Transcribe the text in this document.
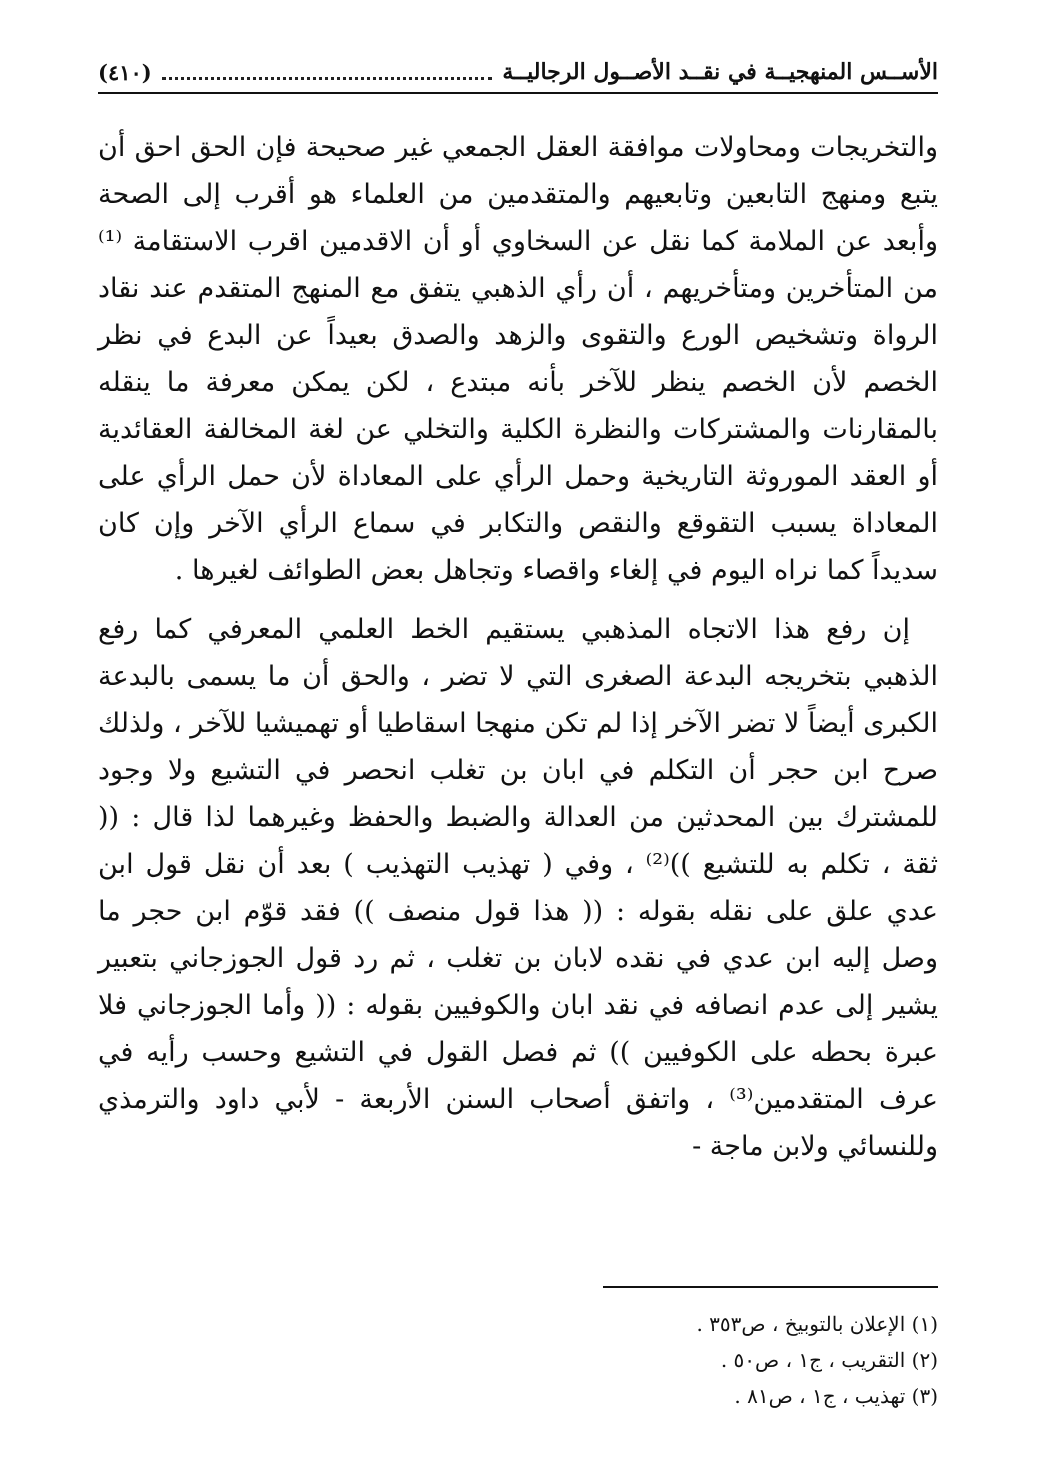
الأســس المنهجيــة في نقــد الأصــول الرجاليــة
(٤١٠)

والتخريجات ومحاولات موافقة العقل الجمعي غير صحيحة فإن الحق احق أن يتبع ومنهج التابعين وتابعيهم والمتقدمين من العلماء هو أقرب إلى الصحة وأبعد عن الملامة كما نقل عن السخاوي أو أن الاقدمين اقرب الاستقامة ⁽¹⁾ من المتأخرين ومتأخريهم ، أن رأي الذهبي يتفق مع المنهج المتقدم عند نقاد الرواة وتشخيص الورع والتقوى والزهد والصدق بعيداً عن البدع في نظر الخصم لأن الخصم ينظر للآخر بأنه مبتدع ، لكن يمكن معرفة ما ينقله بالمقارنات والمشتركات والنظرة الكلية والتخلي عن لغة المخالفة العقائدية أو العقد الموروثة التاريخية وحمل الرأي على المعاداة لأن حمل الرأي على المعاداة يسبب التقوقع والنقص والتكابر في سماع الرأي الآخر وإن كان سديداً كما نراه اليوم في إلغاء واقصاء وتجاهل بعض الطوائف لغيرها .

إن رفع هذا الاتجاه المذهبي يستقيم الخط العلمي المعرفي كما رفع الذهبي بتخريجه البدعة الصغرى التي لا تضر ، والحق أن ما يسمى بالبدعة الكبرى أيضاً لا تضر الآخر إذا لم تكن منهجا اسقاطيا أو تهميشيا للآخر ، ولذلك صرح ابن حجر أن التكلم في ابان بن تغلب انحصر في التشيع ولا وجود للمشترك بين المحدثين من العدالة والضبط والحفظ وغيرهما لذا قال : (( ثقة ، تكلم به للتشيع ))⁽²⁾ ، وفي ( تهذيب التهذيب ) بعد أن نقل قول ابن عدي علق على نقله بقوله : (( هذا قول منصف )) فقد قوّم ابن حجر ما وصل إليه ابن عدي في نقده لابان بن تغلب ، ثم رد قول الجوزجاني بتعبير يشير إلى عدم انصافه في نقد ابان والكوفيين بقوله : (( وأما الجوزجاني فلا عبرة بحطه على الكوفيين )) ثم فصل القول في التشيع وحسب رأيه في عرف المتقدمين⁽³⁾ ، واتفق أصحاب السنن الأربعة - لأبي داود والترمذي وللنسائي ولابن ماجة -

(١) الإعلان بالتوبيخ ، ص٣٥٣ .
(٢) التقريب ، ج١ ، ص٥٠ .
(٣) تهذيب ، ج١ ، ص٨١ .
